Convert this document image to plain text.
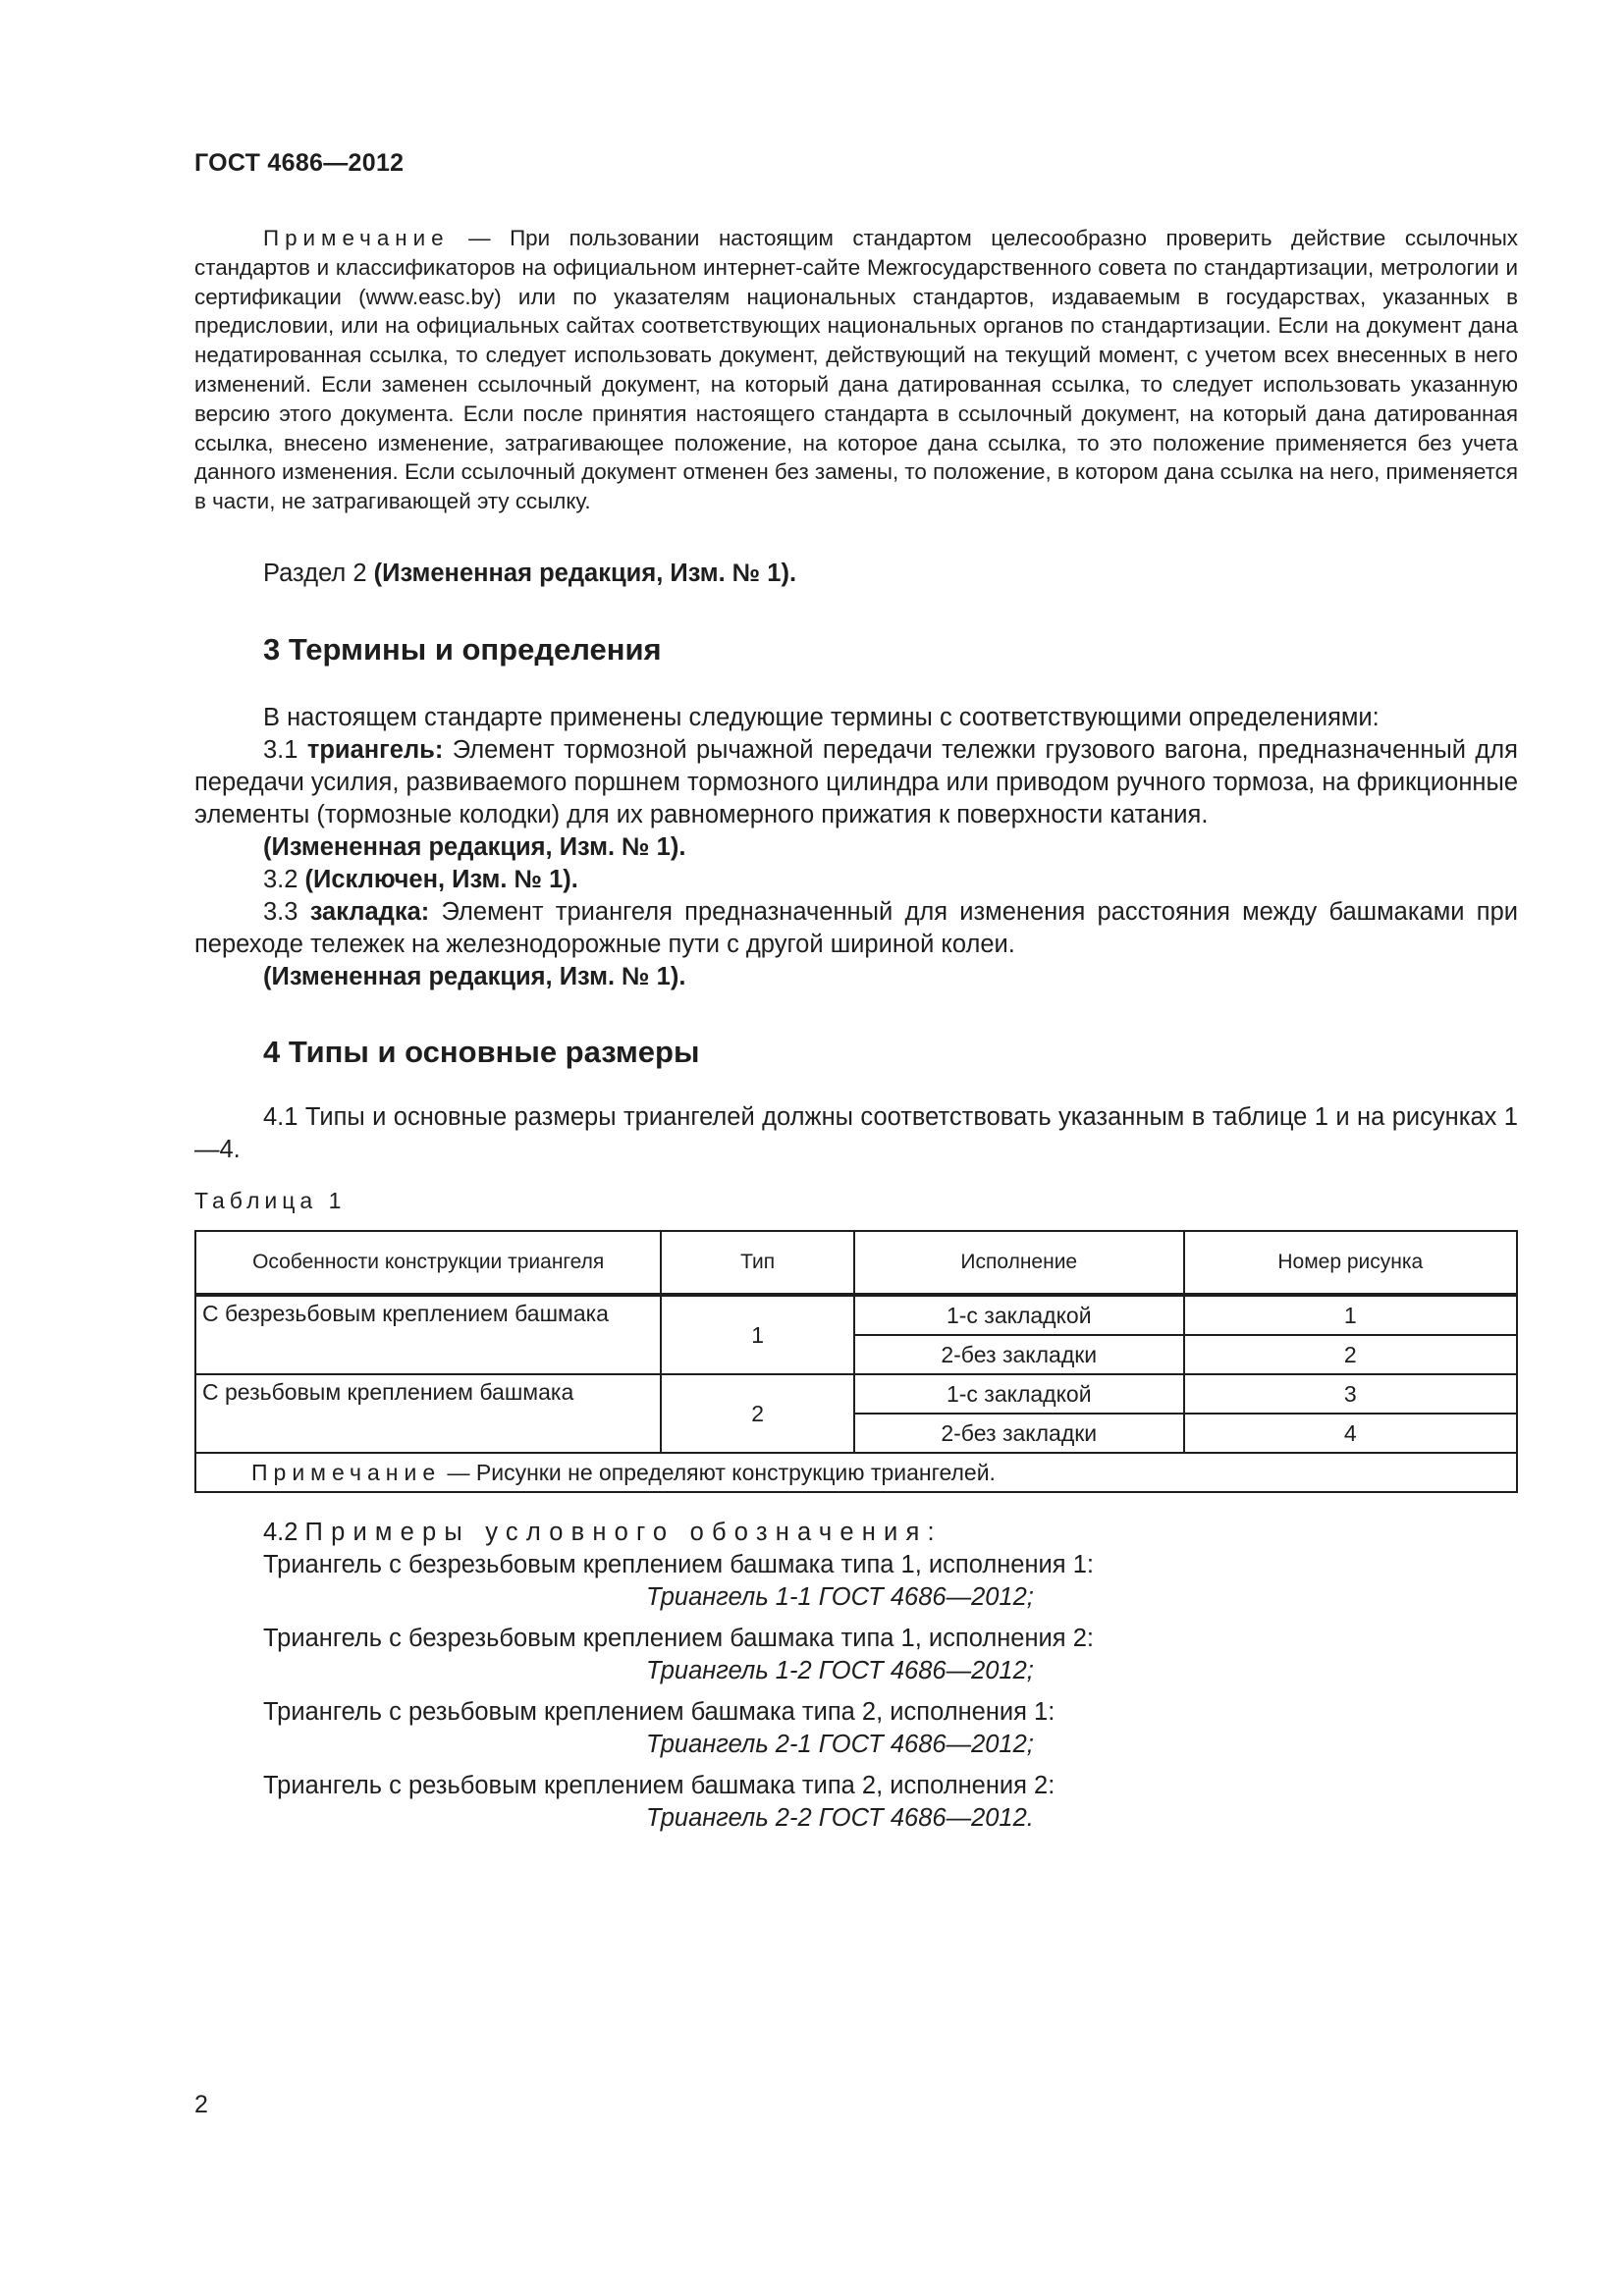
ГОСТ 4686—2012

Примечание — При пользовании настоящим стандартом целесообразно проверить действие ссылочных стандартов и классификаторов на официальном интернет-сайте Межгосударственного совета по стандартизации, метрологии и сертификации (www.easc.by) или по указателям национальных стандартов, издаваемым в государствах, указанных в предисловии, или на официальных сайтах соответствующих национальных органов по стандартизации. Если на документ дана недатированная ссылка, то следует использовать документ, действующий на текущий момент, с учетом всех внесенных в него изменений. Если заменен ссылочный документ, на который дана датированная ссылка, то следует использовать указанную версию этого документа. Если после принятия настоящего стандарта в ссылочный документ, на который дана датированная ссылка, внесено изменение, затрагивающее положение, на которое дана ссылка, то это положение применяется без учета данного изменения. Если ссылочный документ отменен без замены, то положение, в котором дана ссылка на него, применяется в части, не затрагивающей эту ссылку.

Раздел 2 (Измененная редакция, Изм. № 1).

3 Термины и определения

В настоящем стандарте применены следующие термины с соответствующими определениями:

3.1 триангель: Элемент тормозной рычажной передачи тележки грузового вагона, предназначенный для передачи усилия, развиваемого поршнем тормозного цилиндра или приводом ручного тормоза, на фрикционные элементы (тормозные колодки) для их равномерного прижатия к поверхности катания.

(Измененная редакция, Изм. № 1).

3.2 (Исключен, Изм. № 1).

3.3 закладка: Элемент триангеля предназначенный для изменения расстояния между башмаками при переходе тележек на железнодорожные пути с другой шириной колеи.

(Измененная редакция, Изм. № 1).

4 Типы и основные размеры

4.1 Типы и основные размеры триангелей должны соответствовать указанным в таблице 1 и на рисунках 1—4.

Таблица 1
Особенности конструкции триангеля	Тип	Исполнение	Номер рисунка
С безрезьбовым креплением башмака	1	1-с закладкой	1
		2-без закладки	2
С резьбовым креплением башмака	2	1-с закладкой	3
		2-без закладки	4
Примечание — Рисунки не определяют конструкцию триангелей.			

4.2 Примеры условного обозначения:

Триангель с безрезьбовым креплением башмака типа 1, исполнения 1:

Триангель 1-1 ГОСТ 4686—2012;

Триангель с безрезьбовым креплением башмака типа 1, исполнения 2:

Триангель 1-2 ГОСТ 4686—2012;

Триангель с резьбовым креплением башмака типа 2, исполнения 1:

Триангель 2-1 ГОСТ 4686—2012;

Триангель с резьбовым креплением башмака типа 2, исполнения 2:

Триангель 2-2 ГОСТ 4686—2012.

2
